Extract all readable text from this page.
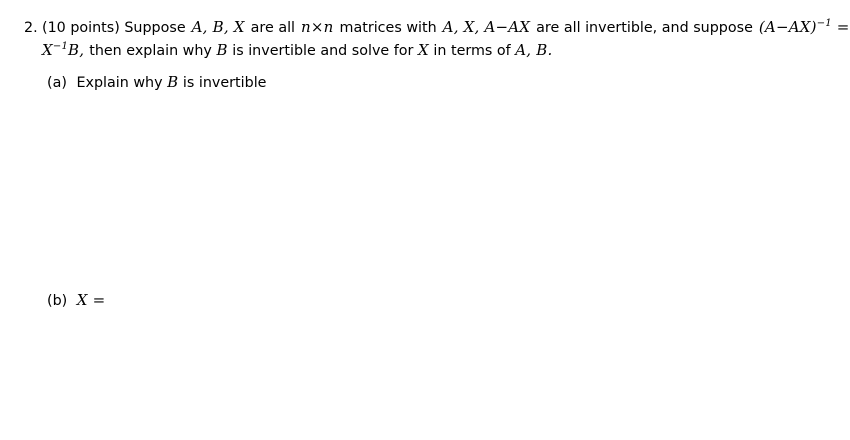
2. (10 points) Suppose A, B, X are all n×n matrices with A, X, A−AX are all invertible, and suppose $(A-AX)^{-1}$ =
$X^{-1}B$, then explain why B is invertible and solve for X in terms of A, B.
(a) Explain why B is invertible
(b) X =
